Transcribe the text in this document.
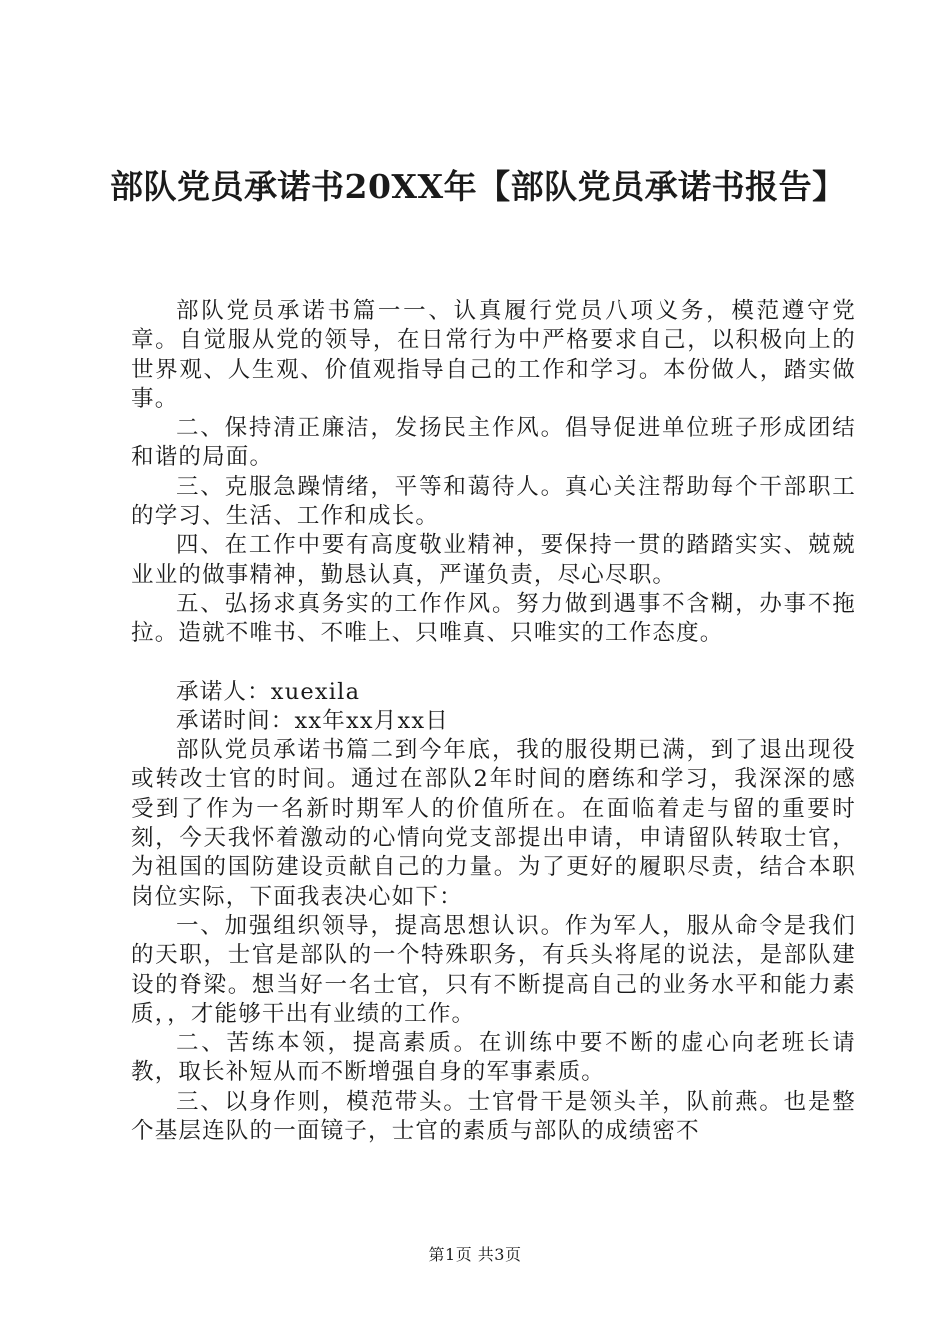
部队党员承诺书20XX年【部队党员承诺书报告】

部队党员承诺书篇一一、认真履行党员八项义务，模范遵守党章。自觉服从党的领导，在日常行为中严格要求自己，以积极向上的世界观、人生观、价值观指导自己的工作和学习。本份做人，踏实做事。

二、保持清正廉洁，发扬民主作风。倡导促进单位班子形成团结和谐的局面。

三、克服急躁情绪，平等和蔼待人。真心关注帮助每个干部职工的学习、生活、工作和成长。

四、在工作中要有高度敬业精神，要保持一贯的踏踏实实、兢兢业业的做事精神，勤恳认真，严谨负责，尽心尽职。

五、弘扬求真务实的工作作风。努力做到遇事不含糊，办事不拖拉。造就不唯书、不唯上、只唯真、只唯实的工作态度。

承诺人：xuexila

承诺时间：xx年xx月xx日

部队党员承诺书篇二到今年底，我的服役期已满，到了退出现役或转改士官的时间。通过在部队2年时间的磨练和学习，我深深的感受到了作为一名新时期军人的价值所在。在面临着走与留的重要时刻，今天我怀着激动的心情向党支部提出申请，申请留队转取士官，为祖国的国防建设贡献自己的力量。为了更好的履职尽责，结合本职岗位实际，下面我表决心如下：

一、加强组织领导，提高思想认识。作为军人，服从命令是我们的天职，士官是部队的一个特殊职务，有兵头将尾的说法，是部队建设的脊梁。想当好一名士官，只有不断提高自己的业务水平和能力素质，，才能够干出有业绩的工作。

二、苦练本领，提高素质。在训练中要不断的虚心向老班长请教，取长补短从而不断增强自身的军事素质。

三、以身作则，模范带头。士官骨干是领头羊，队前燕。也是整个基层连队的一面镜子，士官的素质与部队的成绩密不

第1页 共3页
